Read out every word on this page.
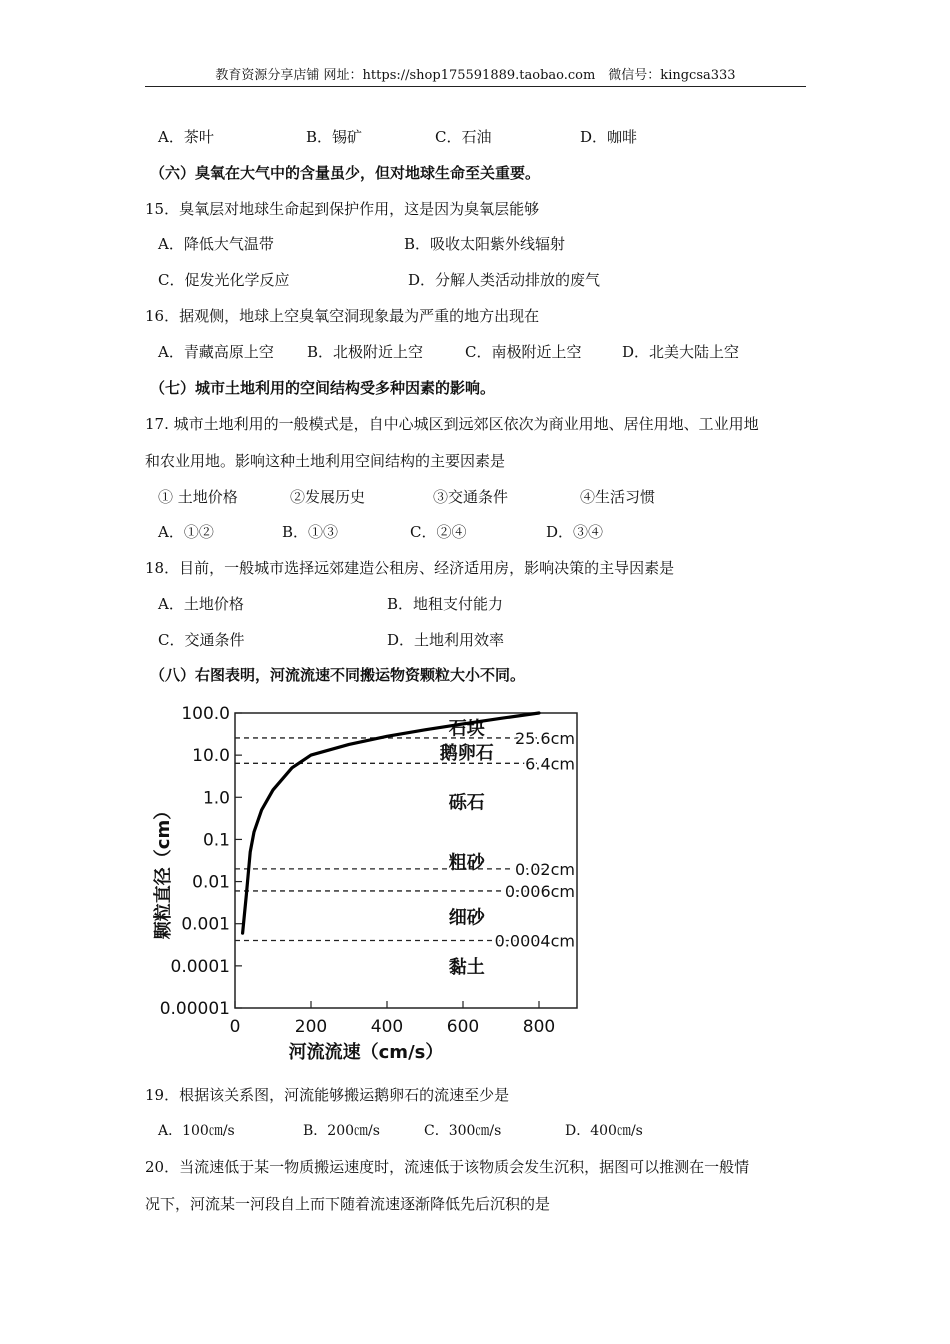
教育资源分享店铺 网址：https://shop175591889.taobao.com　微信号：kingcsa333
A．茶叶	B．锡矿	C．石油	D．咖啡
（六）臭氧在大气中的含量虽少，但对地球生命至关重要。
15．臭氧层对地球生命起到保护作用，这是因为臭氧层能够
A．降低大气温带	B．吸收太阳紫外线辐射
C．促发光化学反应	D．分解人类活动排放的废气
16．据观侧，地球上空臭氧空洞现象最为严重的地方出现在
A．青藏高原上空 B．北极附近上空	C．南极附近上空	D．北美大陆上空
（七）城市土地利用的空间结构受多种因素的影响。
17. 城市土地利用的一般模式是，自中心城区到远郊区依次为商业用地、居住用地、工业用地
和农业用地。影响这种土地利用空间结构的主要因素是
① 土地价格	②发展历史	③交通条件	④生活习惯
A．①②	B．①③	C．②④	D．③④
18．目前，一般城市选择远郊建造公租房、经济适用房，影响决策的主导因素是
A．土地价格	B．地租支付能力
C．交通条件	D．土地利用效率
（八）右图表明，河流流速不同搬运物资颗粒大小不同。
100.0
10.0
1.0
0.1
0.01
0.001
0.0001
0.00001
0	200	400	600	800
25.6cm
6.4cm
0.02cm
0.006cm
0.0004cm
石块
鹅卵石
砾石
粗砂
细砂
黏土
河流流速（cm/s）
颗粒直径（cm）
19．根据该关系图，河流能够搬运鹅卵石的流速至少是
A．100㎝/s	B．200㎝/s	C．300㎝/s	D．400㎝/s
20．当流速低于某一物质搬运速度时，流速低于该物质会发生沉积，据图可以推测在一般情
况下，河流某一河段自上而下随着流速逐渐降低先后沉积的是
